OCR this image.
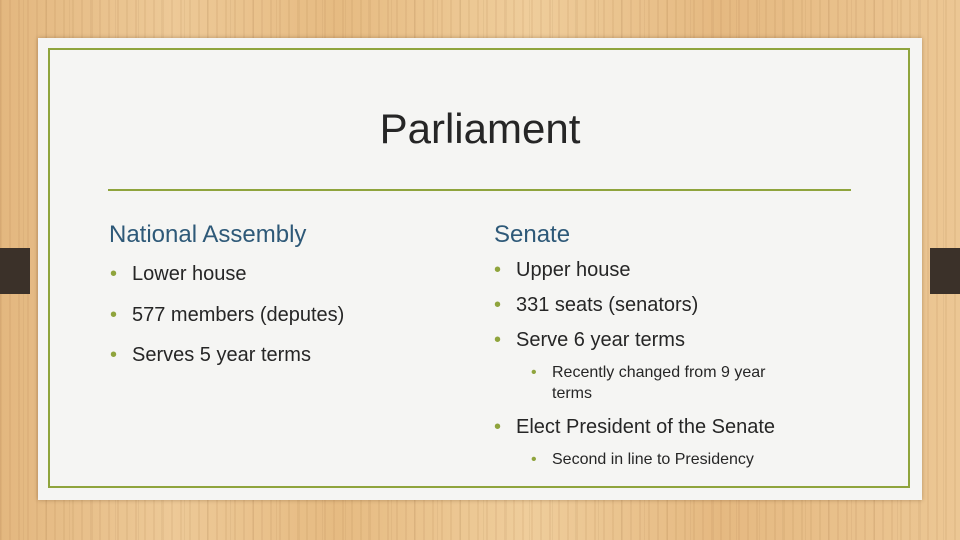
Parliament
National Assembly
• Lower house
• 577 members (deputes)
• Serves 5 year terms
Senate
• Upper house
• 331 seats (senators)
• Serve 6 year terms
• Recently changed from 9 year
terms
• Elect President of the Senate
• Second in line to Presidency
